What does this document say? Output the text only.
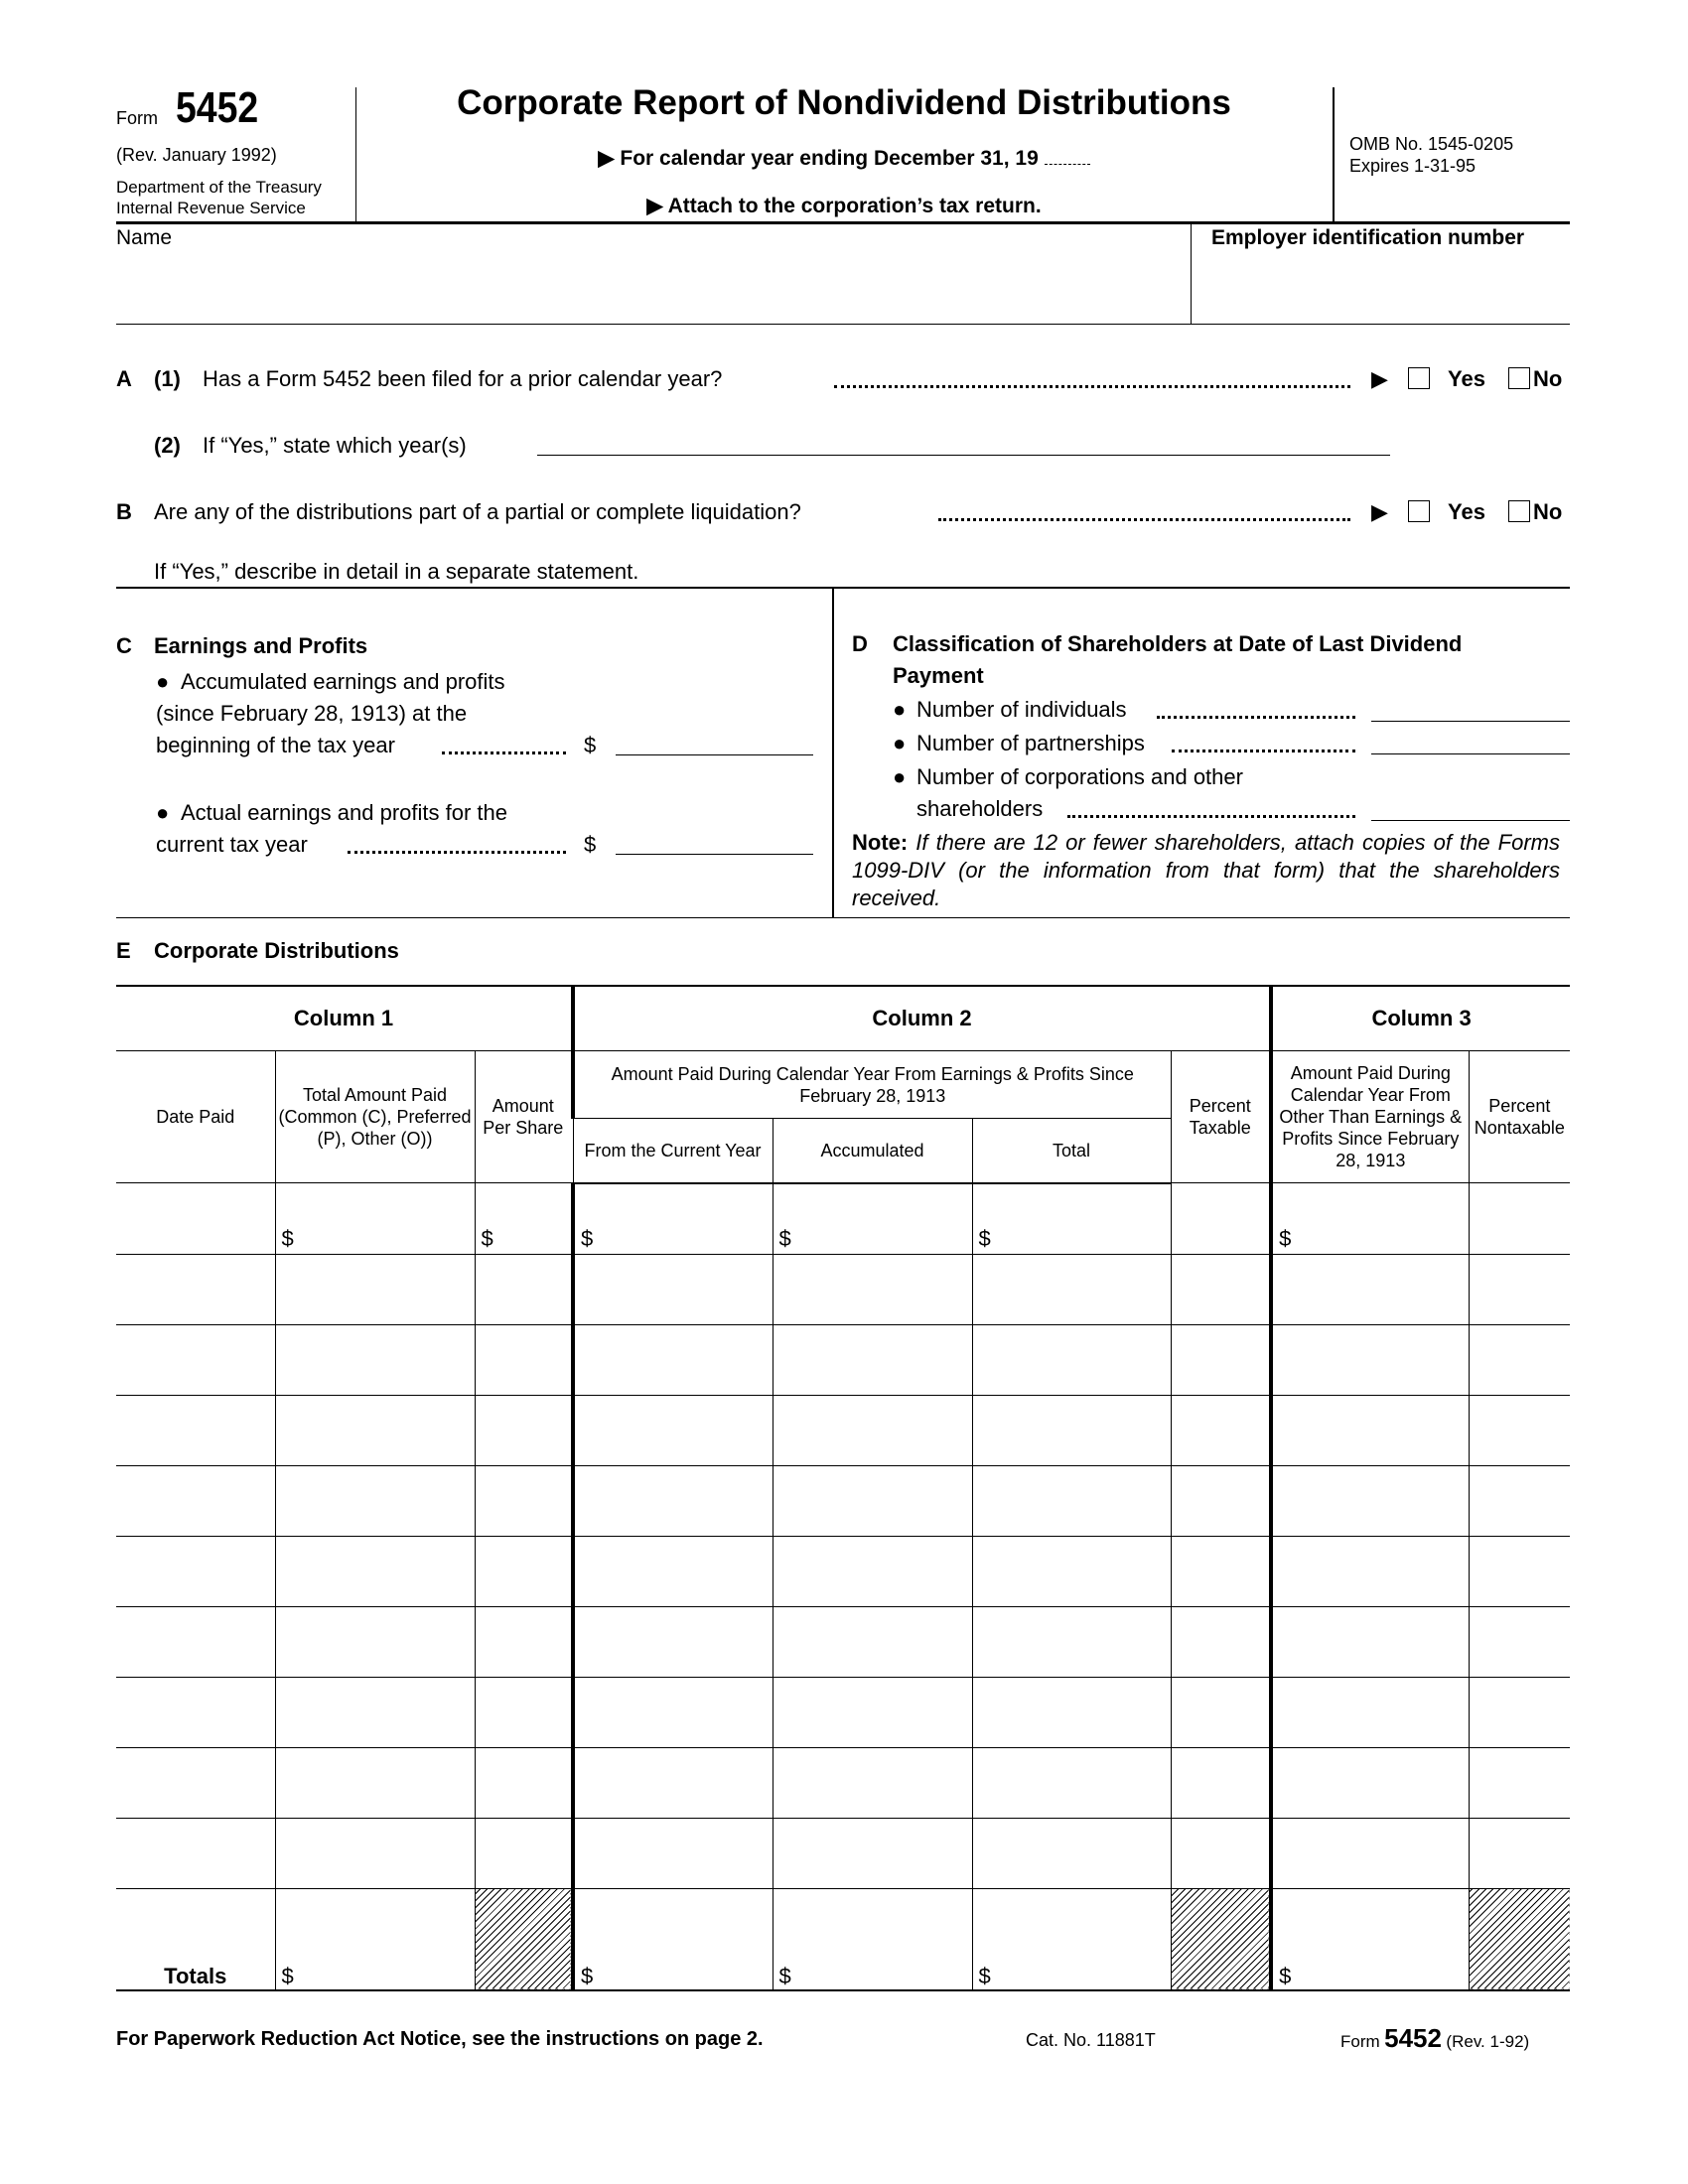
Form 5452
(Rev. January 1992)
Department of the Treasury
Internal Revenue Service
Corporate Report of Nondividend Distributions
▶ For calendar year ending December 31, 19
▶ Attach to the corporation’s tax return.
OMB No. 1545-0205
Expires 1-31-95
Name	Employer identification number
A (1) Has a Form 5452 been filed for a prior calendar year?	▶	Yes No
(2) If “Yes,” state which year(s)
B Are any of the distributions part of a partial or complete liquidation?	▶	Yes No
If “Yes,” describe in detail in a separate statement.
C Earnings and Profits
● Accumulated earnings and profits
(since February 28, 1913) at the
beginning of the tax year	$
● Actual earnings and profits for the
current tax year	$
D Classification of Shareholders at Date of Last Dividend
Payment
● Number of individuals
● Number of partnerships
● Number of corporations and other
shareholders
Note: If there are 12 or fewer shareholders, attach copies of the Forms 1099-DIV (or the information from that form) that the shareholders received.
E Corporate Distributions
Column 1			Column 2				Column 3	
Date Paid	Total Amount Paid (Common (C), Preferred (P), Other (O))	Amount Per Share	Amount Paid During Calendar Year From Earnings & Profits Since February 28, 1913			Percent Taxable	Amount Paid During Calendar Year From Other Than Earnings & Profits Since February 28, 1913	Percent Nontaxable
			From the Current Year	Accumulated	Total			
	$	$	$	$	$		$	

Totals	$		$	$	$		$	
For Paperwork Reduction Act Notice, see the instructions on page 2.	Cat. No. 11881T	Form 5452 (Rev. 1-92)
